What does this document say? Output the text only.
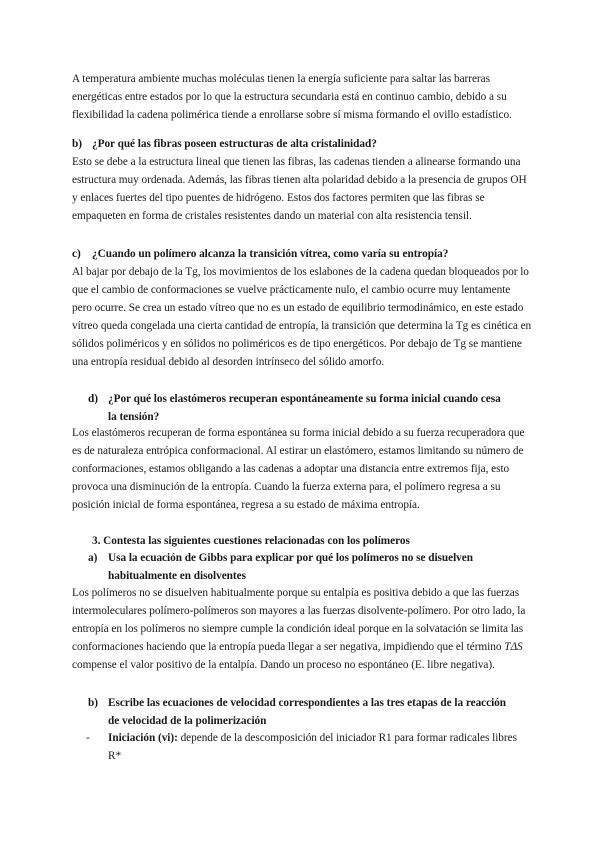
A temperatura ambiente muchas moléculas tienen la energía suficiente para saltar las barreras energéticas entre estados por lo que la estructura secundaria está en continuo cambio, debido a su flexibilidad la cadena polimérica tiende a enrollarse sobre sí misma formando el ovillo estadístico.

b) ¿Por qué las fibras poseen estructuras de alta cristalinidad?

Esto se debe a la estructura lineal que tienen las fibras, las cadenas tienden a alinearse formando una estructura muy ordenada. Además, las fibras tienen alta polaridad debido a la presencia de grupos OH y enlaces fuertes del tipo puentes de hidrógeno. Estos dos factores permiten que las fibras se empaqueten en forma de cristales resistentes dando un material con alta resistencia tensil.

c) ¿Cuando un polímero alcanza la transición vítrea, como varía su entropía?

Al bajar por debajo de la Tg, los movimientos de los eslabones de la cadena quedan bloqueados por lo que el cambio de conformaciones se vuelve prácticamente nulo, el cambio ocurre muy lentamente pero ocurre. Se crea un estado vítreo que no es un estado de equilibrio termodinámico, en este estado vítreo queda congelada una cierta cantidad de entropía, la transición que determina la Tg es cinética en sólidos poliméricos y en sólidos no poliméricos es de tipo energéticos. Por debajo de Tg se mantiene una entropía residual debido al desorden intrínseco del sólido amorfo.

d) ¿Por qué los elastómeros recuperan espontáneamente su forma inicial cuando cesa la tensión?

Los elastómeros recuperan de forma espontánea su forma inicial debido a su fuerza recuperadora que es de naturaleza entrópica conformacional. Al estirar un elastómero, estamos limitando su número de conformaciones, estamos obligando a las cadenas a adoptar una distancia entre extremos fija, esto provoca una disminución de la entropía. Cuando la fuerza externa para, el polímero regresa a su posición inicial de forma espontánea, regresa a su estado de máxima entropía.

3. Contesta las siguientes cuestiones relacionadas con los polímeros

a) Usa la ecuación de Gibbs para explicar por qué los polímeros no se disuelven habitualmente en disolventes

Los polímeros no se disuelven habitualmente porque su entalpía es positiva debido a que las fuerzas intermoleculares polímero-polímeros son mayores a las fuerzas disolvente-polímero. Por otro lado, la entropía en los polímeros no siempre cumple la condición ideal porque en la solvatación se limita las conformaciones haciendo que la entropía pueda llegar a ser negativa, impidiendo que el término TΔS compense el valor positivo de la entalpía. Dando un proceso no espontáneo (E. libre negativa).

b) Escribe las ecuaciones de velocidad correspondientes a las tres etapas de la reacción de velocidad de la polimerización

- Iniciación (vi): depende de la descomposición del iniciador R1 para formar radicales libres R*
